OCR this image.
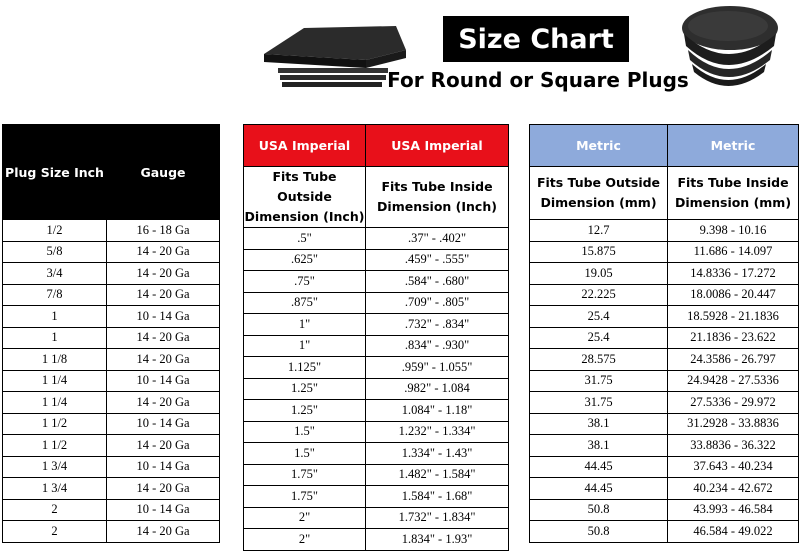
Size Chart
For Round or Square Plugs
Plug Size Inch	Gauge
1/2	16 - 18 Ga
5/8	14 - 20 Ga
3/4	14 - 20 Ga
7/8	14 - 20 Ga
1	10 - 14 Ga
1	14 - 20 Ga
1 1/8	14 - 20 Ga
1 1/4	10 - 14 Ga
1 1/4	14 - 20 Ga
1 1/2	10 - 14 Ga
1 1/2	14 - 20 Ga
1 3/4	10 - 14 Ga
1 3/4	14 - 20 Ga
2	10 - 14 Ga
2	14 - 20 Ga
USA Imperial	USA Imperial
Fits Tube Outside Dimension (Inch)	Fits Tube Inside Dimension (Inch)
.5"	.37" - .402"
.625"	.459" - .555"
.75"	.584" - .680"
.875"	.709" - .805"
1"	.732" - .834"
1"	.834" - .930"
1.125"	.959" - 1.055"
1.25"	.982" - 1.084
1.25"	1.084" - 1.18"
1.5"	1.232" - 1.334"
1.5"	1.334" - 1.43"
1.75"	1.482" - 1.584"
1.75"	1.584" - 1.68"
2"	1.732" - 1.834"
2"	1.834" - 1.93"
Metric	Metric
Fits Tube Outside Dimension (mm)	Fits Tube Inside Dimension (mm)
12.7	9.398 - 10.16
15.875	11.686 - 14.097
19.05	14.8336 - 17.272
22.225	18.0086 - 20.447
25.4	18.5928 - 21.1836
25.4	21.1836 - 23.622
28.575	24.3586 - 26.797
31.75	24.9428 - 27.5336
31.75	27.5336 - 29.972
38.1	31.2928 - 33.8836
38.1	33.8836 - 36.322
44.45	37.643 - 40.234
44.45	40.234 - 42.672
50.8	43.993 - 46.584
50.8	46.584 - 49.022
